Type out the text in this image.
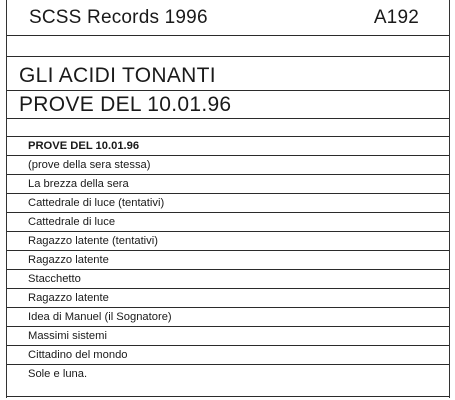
SCSS Records 1996	A192
GLI ACIDI TONANTI
PROVE DEL 10.01.96
PROVE DEL 10.01.96
(prove della sera stessa)
La brezza della sera
Cattedrale di luce (tentativi)
Cattedrale di luce
Ragazzo latente (tentativi)
Ragazzo latente
Stacchetto
Ragazzo latente
Idea di Manuel (il Sognatore)
Massimi sistemi
Cittadino del mondo
Sole e luna.
